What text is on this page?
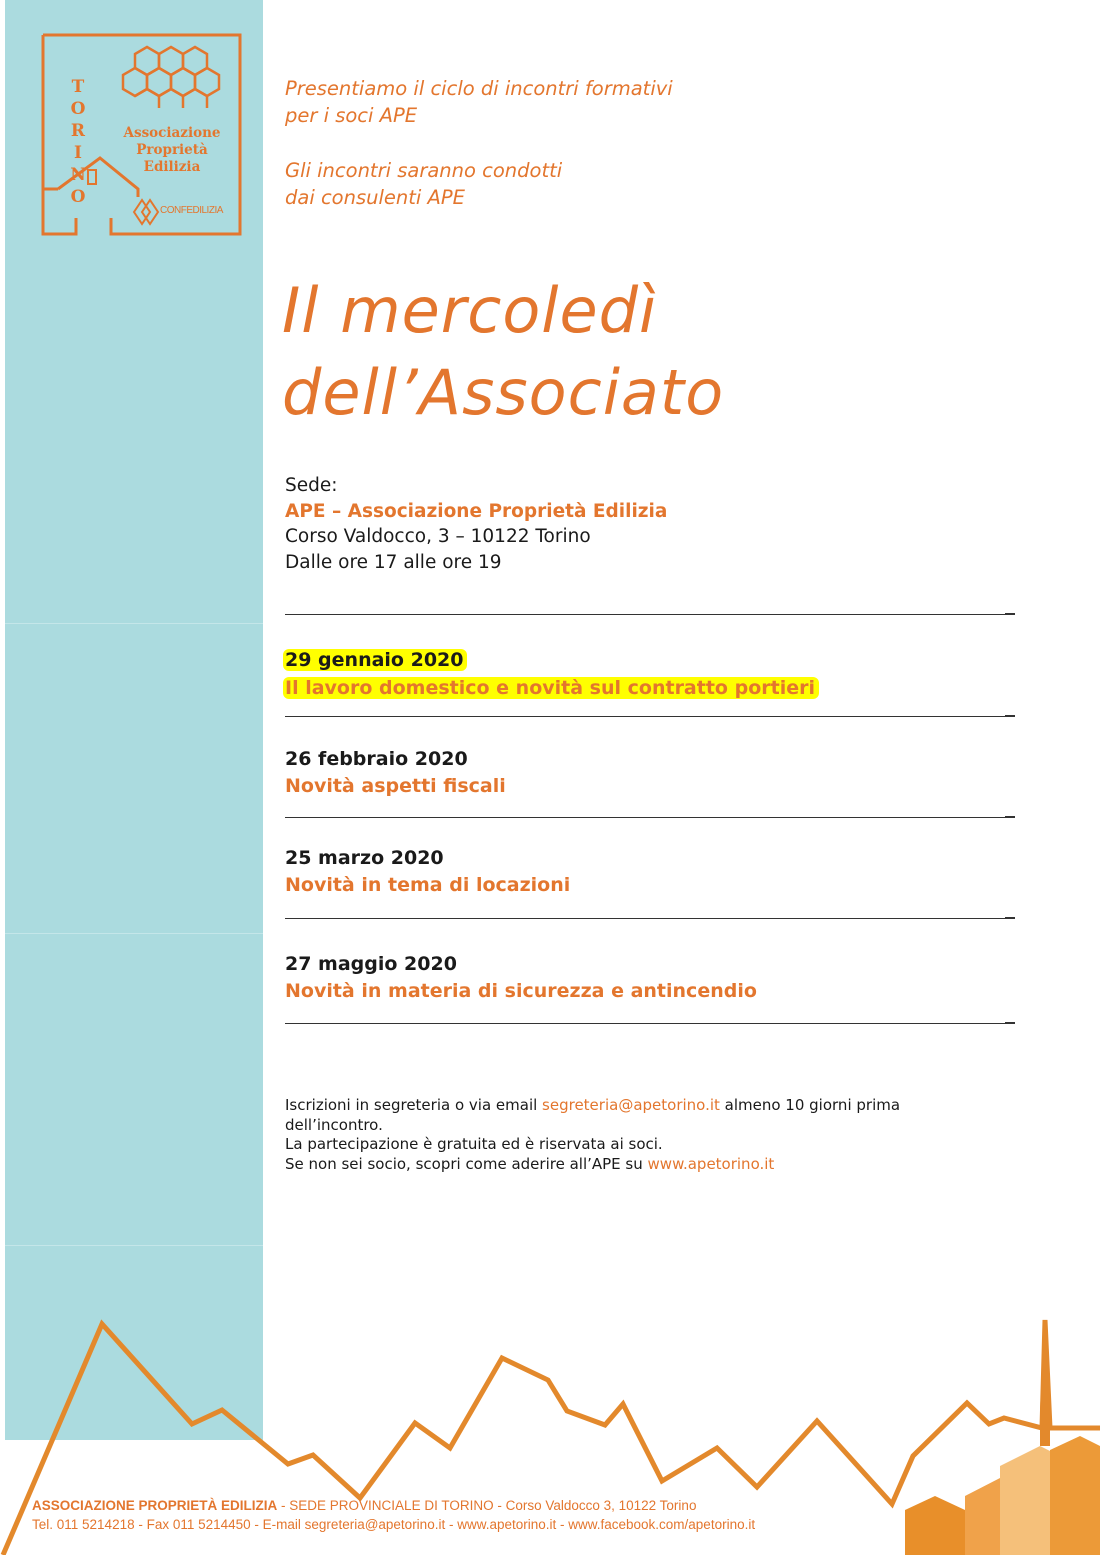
T
O
R
I
N
O
Associazione
Proprietà
Edilizia
CONFEDILIZIA
Presentiamo il ciclo di incontri formativi
per i soci APE
Gli incontri saranno condotti
dai consulenti APE
Il mercoledì
dell’Associato
Sede:
APE – Associazione Proprietà Edilizia
Corso Valdocco, 3 – 10122 Torino
Dalle ore 17 alle ore 19
29 gennaio 2020
Il lavoro domestico e novità sul contratto portieri
26 febbraio 2020
Novità aspetti fiscali
25 marzo 2020
Novità in tema di locazioni
27 maggio 2020
Novità in materia di sicurezza e antincendio
Iscrizioni in segreteria o via email segreteria@apetorino.it almeno 10 giorni prima
dell’incontro.
La partecipazione è gratuita ed è riservata ai soci.
Se non sei socio, scopri come aderire all’APE su www.apetorino.it
ASSOCIAZIONE PROPRIETÀ EDILIZIA - SEDE PROVINCIALE DI TORINO - Corso Valdocco 3, 10122 Torino
Tel. 011 5214218 - Fax 011 5214450 - E-mail segreteria@apetorino.it - www.apetorino.it - www.facebook.com/apetorino.it
